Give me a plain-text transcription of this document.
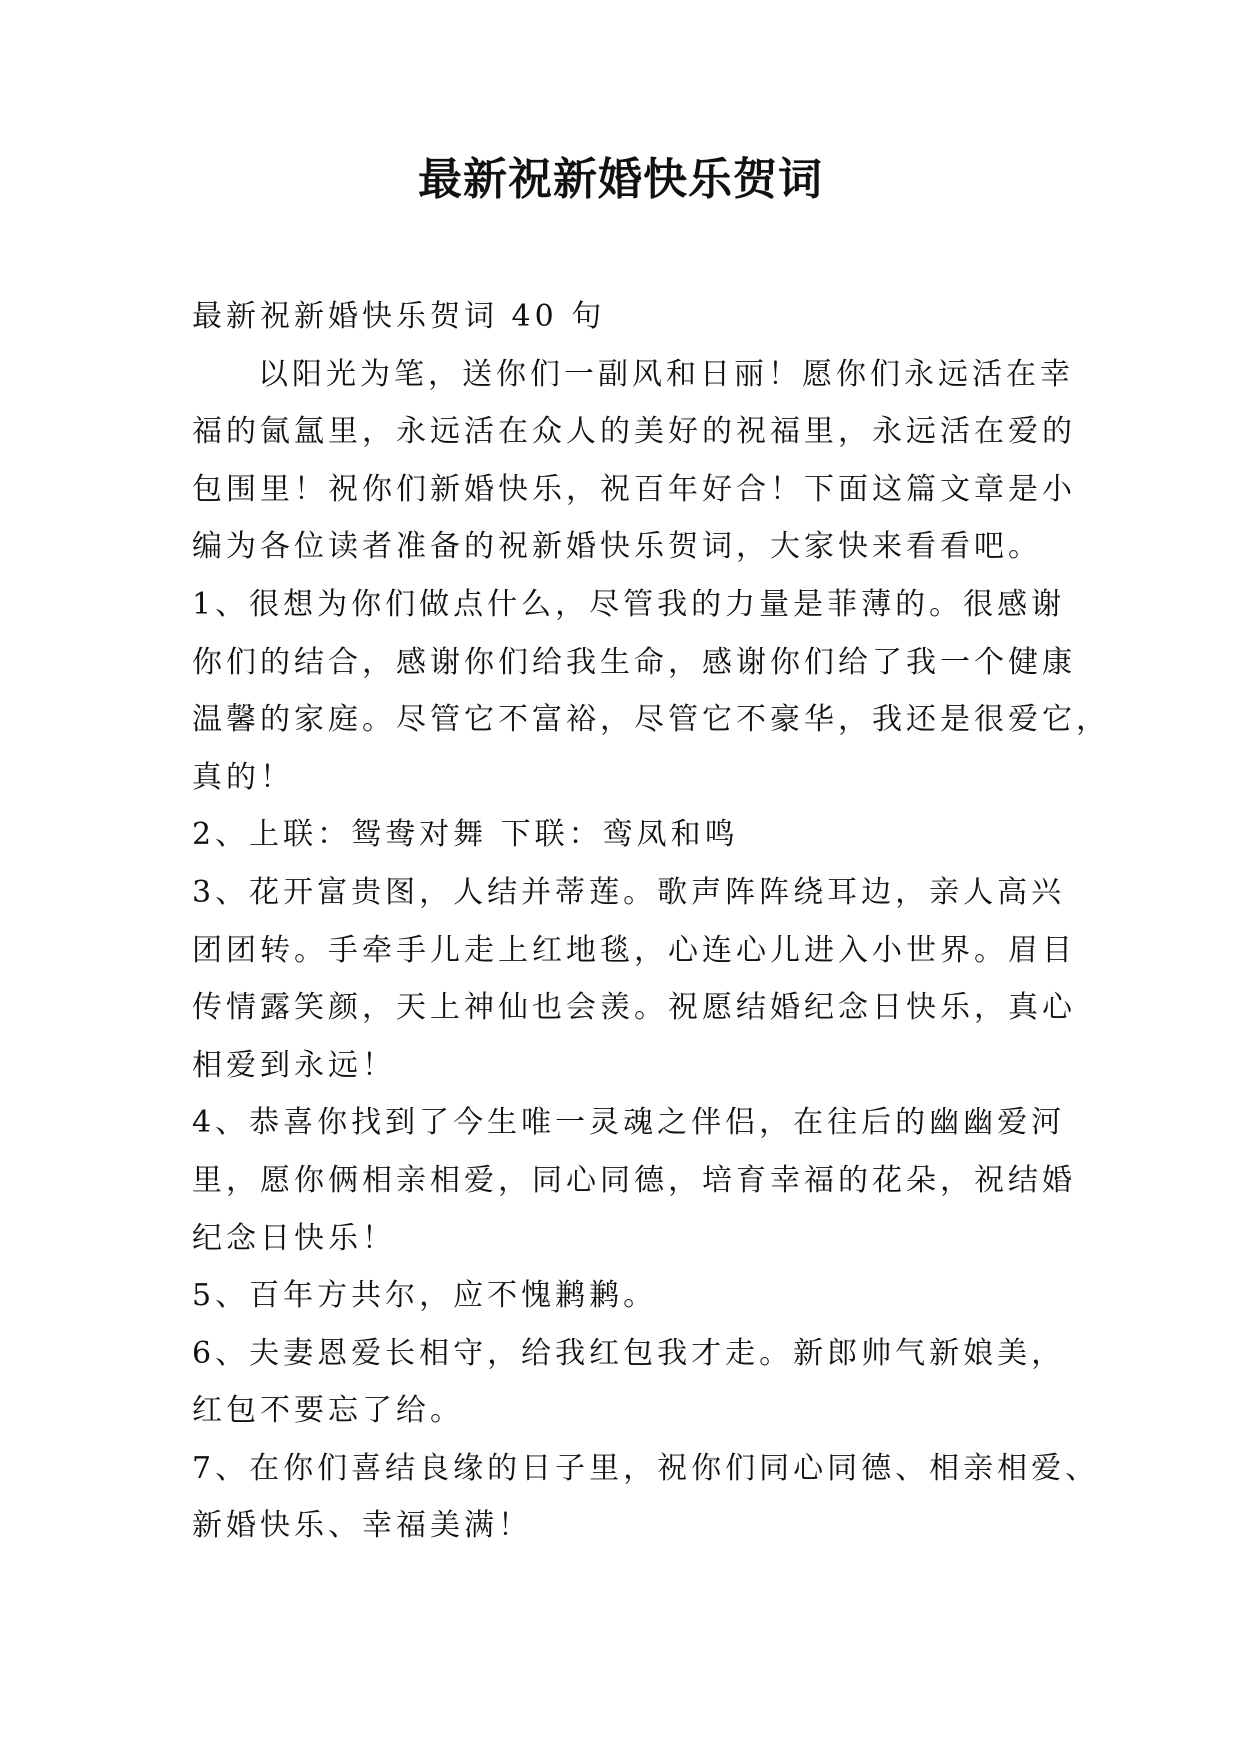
最新祝新婚快乐贺词
最新祝新婚快乐贺词 40 句
以阳光为笔，送你们一副风和日丽！愿你们永远活在幸
福的氤氲里，永远活在众人的美好的祝福里，永远活在爱的
包围里！祝你们新婚快乐，祝百年好合！下面这篇文章是小
编为各位读者准备的祝新婚快乐贺词，大家快来看看吧。
1、很想为你们做点什么，尽管我的力量是菲薄的。很感谢
你们的结合，感谢你们给我生命，感谢你们给了我一个健康
温馨的家庭。尽管它不富裕，尽管它不豪华，我还是很爱它，
真的！
2、上联：鸳鸯对舞 下联：鸾凤和鸣
3、花开富贵图，人结并蒂莲。歌声阵阵绕耳边，亲人高兴
团团转。手牵手儿走上红地毯，心连心儿进入小世界。眉目
传情露笑颜，天上神仙也会羡。祝愿结婚纪念日快乐，真心
相爱到永远！
4、恭喜你找到了今生唯一灵魂之伴侣，在往后的幽幽爱河
里，愿你俩相亲相爱，同心同德，培育幸福的花朵，祝结婚
纪念日快乐！
5、百年方共尔，应不愧鹣鹣。
6、夫妻恩爱长相守，给我红包我才走。新郎帅气新娘美，
红包不要忘了给。
7、在你们喜结良缘的日子里，祝你们同心同德、相亲相爱、
新婚快乐、幸福美满！
